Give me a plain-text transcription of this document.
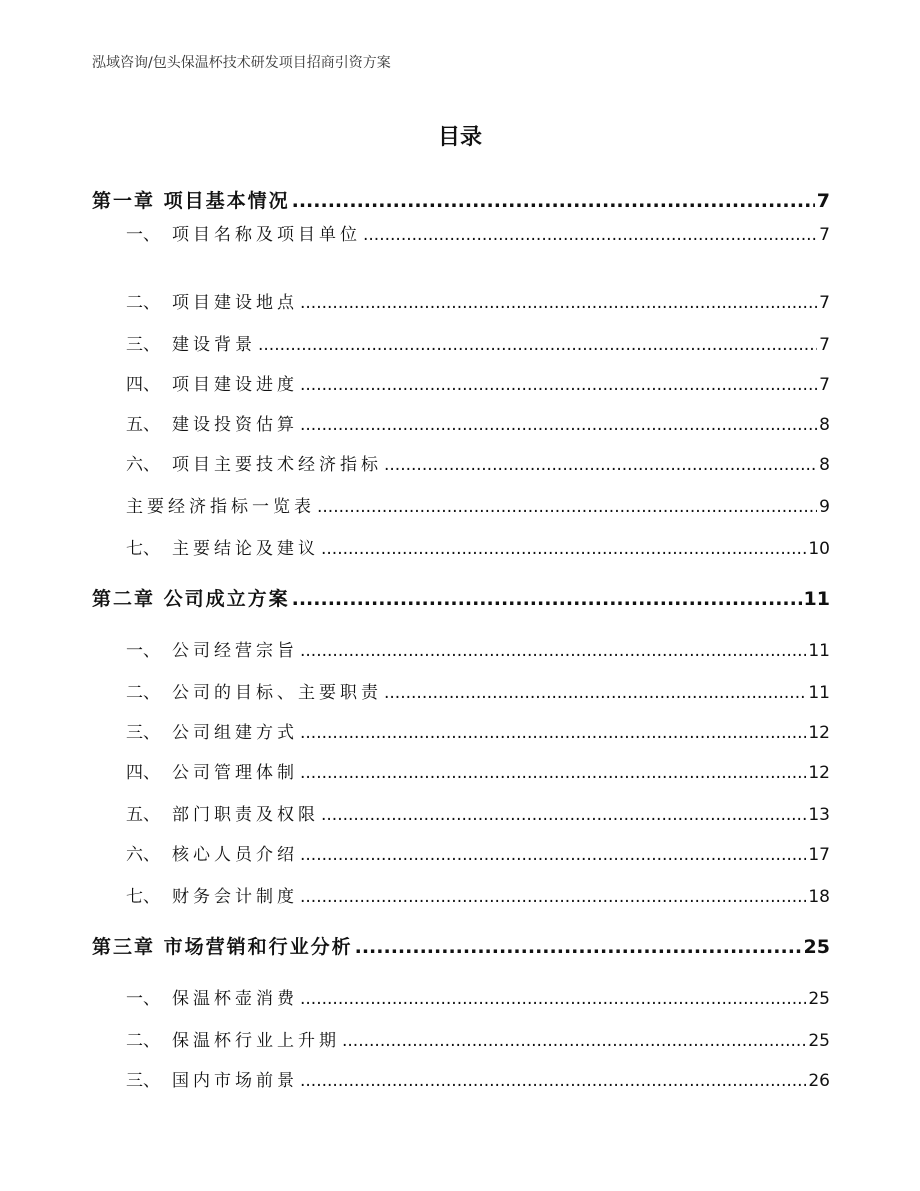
泓域咨询/包头保温杯技术研发项目招商引资方案
目录
第一章 项目基本情况 .....	7
一、 项目名称及项目单位 .....	7
二、 项目建设地点 .....	7
三、 建设背景 .....	7
四、 项目建设进度 .....	7
五、 建设投资估算 .....	8
六、 项目主要技术经济指标 .....	8
主要经济指标一览表 .....	9
七、 主要结论及建议 .....	10
第二章 公司成立方案 .....	11
一、 公司经营宗旨 .....	11
二、 公司的目标、主要职责 .....	11
三、 公司组建方式 .....	12
四、 公司管理体制 .....	12
五、 部门职责及权限 .....	13
六、 核心人员介绍 .....	17
七、 财务会计制度 .....	18
第三章 市场营销和行业分析 .....	25
一、 保温杯壶消费 .....	25
二、 保温杯行业上升期 .....	25
三、 国内市场前景 .....	26
